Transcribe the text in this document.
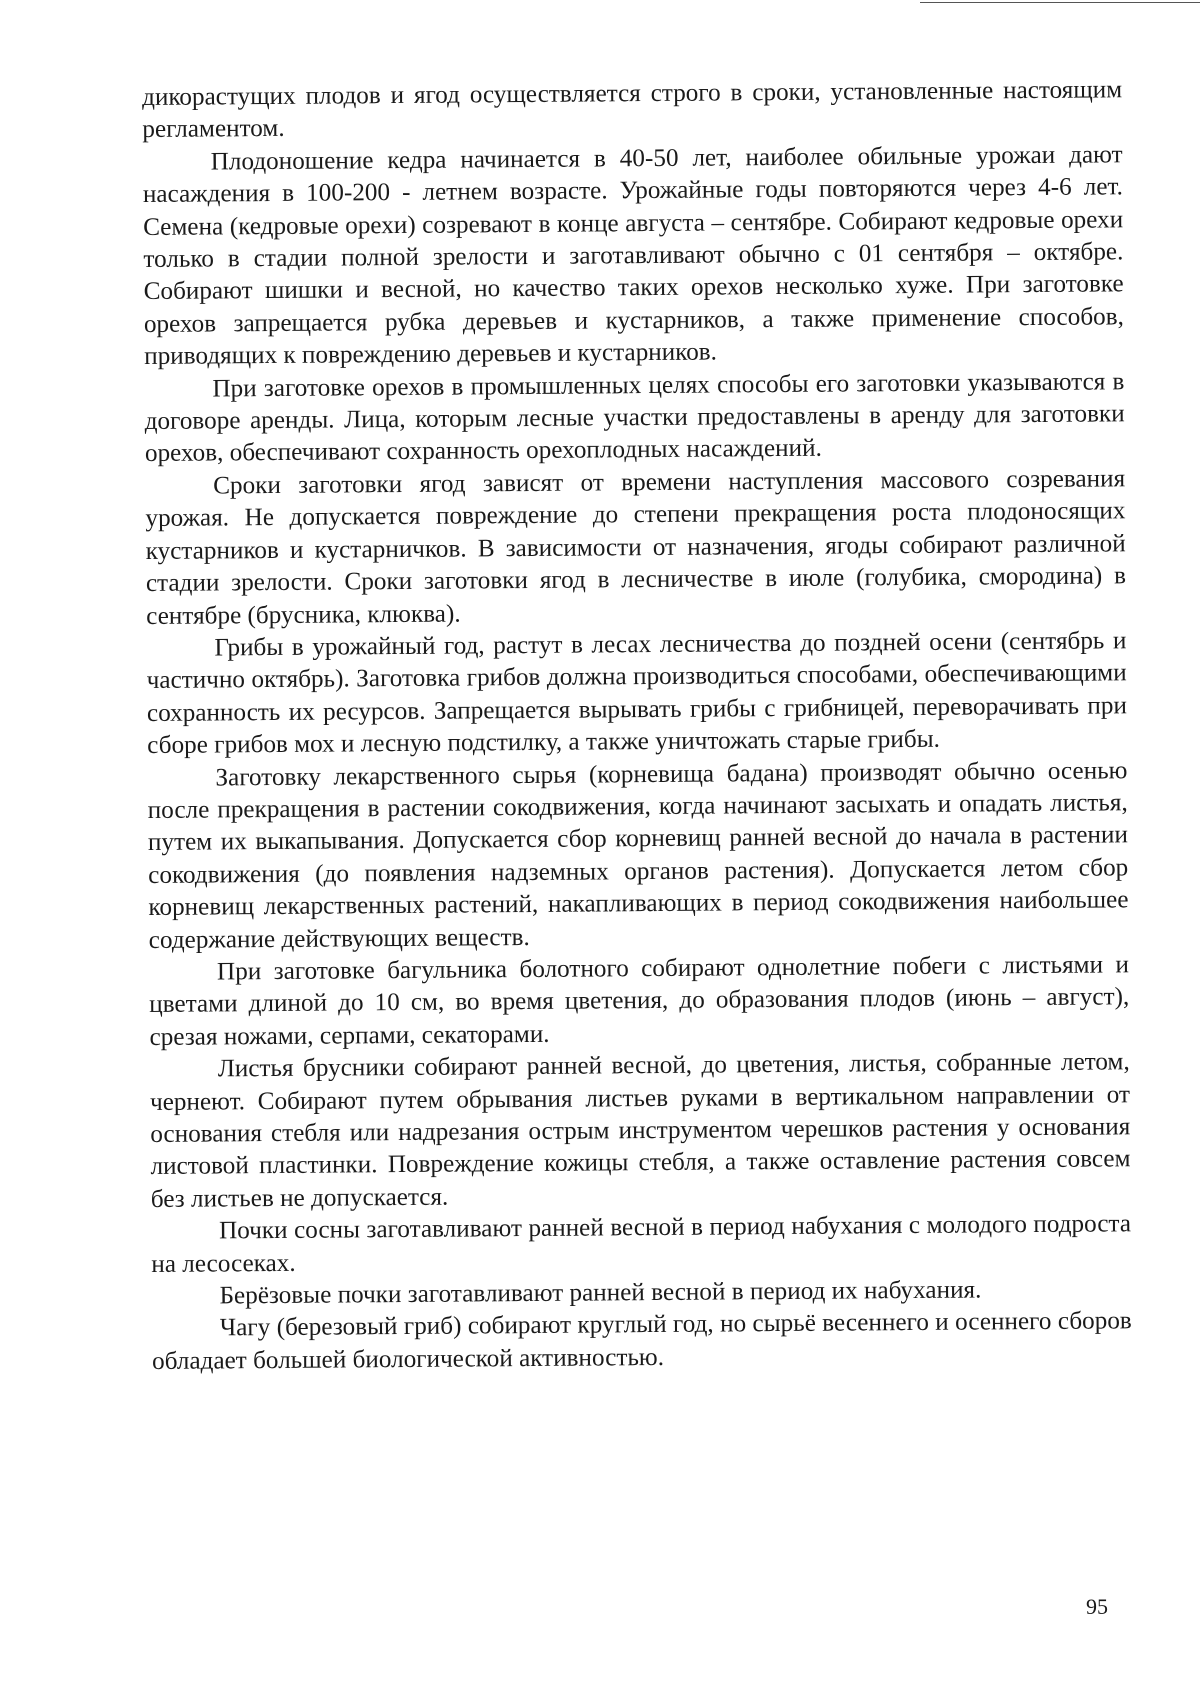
дикорастущих плодов и ягод осуществляется строго в сроки, установленные настоящим регламентом.

Плодоношение кедра начинается в 40-50 лет, наиболее обильные урожаи дают насаждения в 100-200 - летнем возрасте. Урожайные годы повторяются через 4-6 лет. Семена (кедровые орехи) созревают в конце августа – сентябре. Собирают кедровые орехи только в стадии полной зрелости и заготавливают обычно с 01 сентября – октябре. Собирают шишки и весной, но качество таких орехов несколько хуже. При заготовке орехов запрещается рубка деревьев и кустарников, а также применение способов, приводящих к повреждению деревьев и кустарников.

При заготовке орехов в промышленных целях способы его заготовки указываются в договоре аренды. Лица, которым лесные участки предоставлены в аренду для заготовки орехов, обеспечивают сохранность орехоплодных насаждений.

Сроки заготовки ягод зависят от времени наступления массового созревания урожая. Не допускается повреждение до степени прекращения роста плодоносящих кустарников и кустарничков. В зависимости от назначения, ягоды собирают различной стадии зрелости. Сроки заготовки ягод в лесничестве в июле (голубика, смородина) в сентябре (брусника, клюква).

Грибы в урожайный год, растут в лесах лесничества до поздней осени (сентябрь и частично октябрь). Заготовка грибов должна производиться способами, обеспечивающими сохранность их ресурсов. Запрещается вырывать грибы с грибницей, переворачивать при сборе грибов мох и лесную подстилку, а также уничтожать старые грибы.

Заготовку лекарственного сырья (корневища бадана) производят обычно осенью после прекращения в растении сокодвижения, когда начинают засыхать и опадать листья, путем их выкапывания. Допускается сбор корневищ ранней весной до начала в растении сокодвижения (до появления надземных органов растения). Допускается летом сбор корневищ лекарственных растений, накапливающих в период сокодвижения наибольшее содержание действующих веществ.

При заготовке багульника болотного собирают однолетние побеги с листьями и цветами длиной до 10 см, во время цветения, до образования плодов (июнь – август), срезая ножами, серпами, секаторами.

Листья брусники собирают ранней весной, до цветения, листья, собранные летом, чернеют. Собирают путем обрывания листьев руками в вертикальном направлении от основания стебля или надрезания острым инструментом черешков растения у основания листовой пластинки. Повреждение кожицы стебля, а также оставление растения совсем без листьев не допускается.

Почки сосны заготавливают ранней весной в период набухания с молодого подроста на лесосеках.

Берёзовые почки заготавливают ранней весной в период их набухания.

Чагу (березовый гриб) собирают круглый год, но сырьё весеннего и осеннего сборов обладает большей биологической активностью.

95
